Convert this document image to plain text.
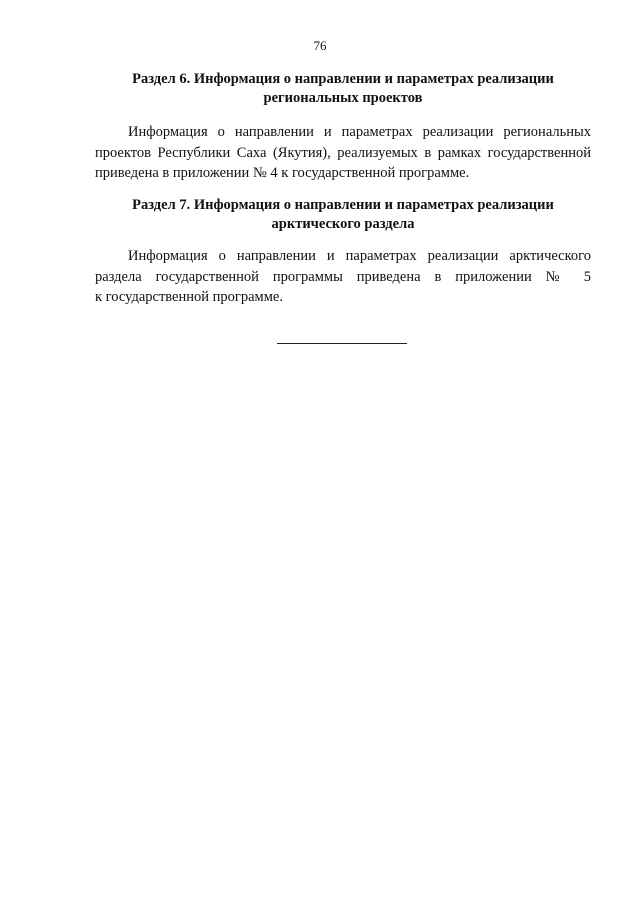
76
Раздел 6. Информация о направлении и параметрах реализации
региональных проектов
Информация о направлении и параметрах реализации региональных
проектов Республики Саха (Якутия), реализуемых в рамках государственной
приведена в приложении № 4 к государственной программе.
Раздел 7. Информация о направлении и параметрах реализации
арктического раздела
Информация о направлении и параметрах реализации арктического
раздела государственной программы приведена в приложении № 5
к государственной программе.
